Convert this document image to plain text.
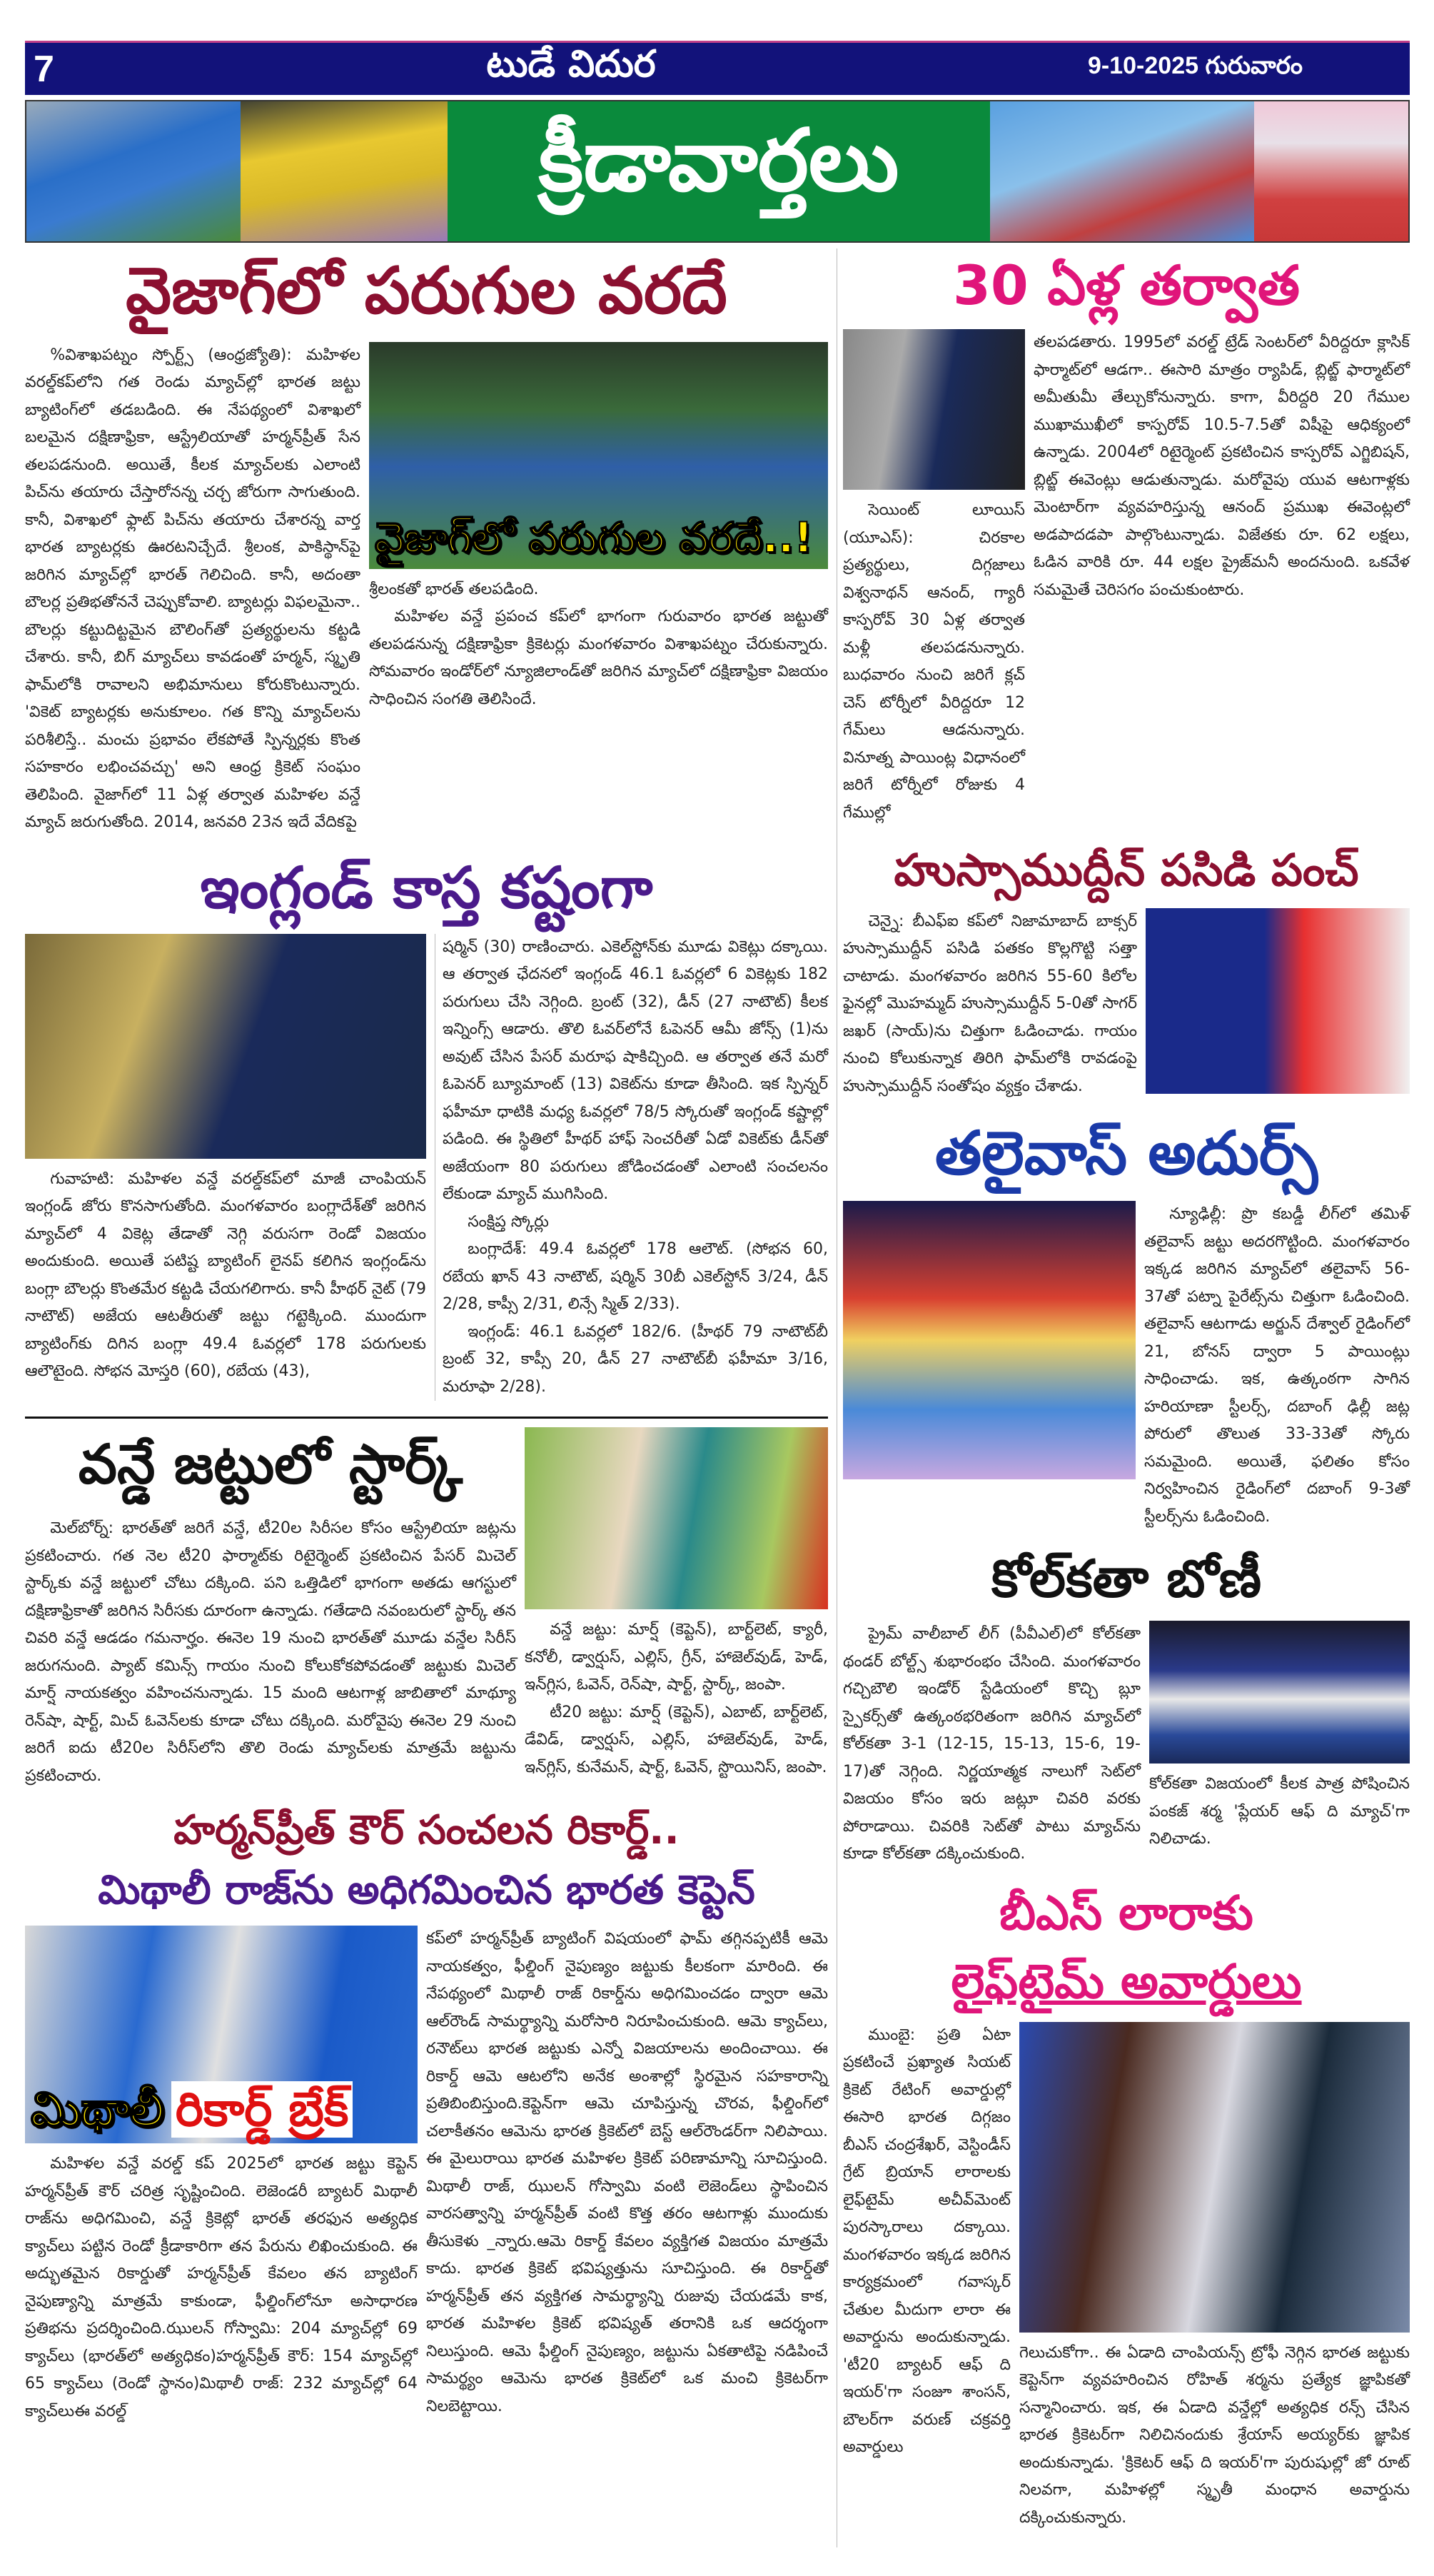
7	టుడే విదుర	9-10-2025 గురువారం
క్రీడావార్తలు
వైజాగ్‌లో పరుగుల వరదే

%విశాఖపట్నం స్పోర్ట్స్ (ఆంధ్రజ్యోతి): మహిళల వరల్డ్‌కప్‌లోని గత రెండు మ్యాచ్‌ల్లో భారత జట్టు బ్యాటింగ్‌లో తడబడింది. ఈ నేపథ్యంలో విశాఖలో బలమైన దక్షిణాఫ్రికా, ఆస్ట్రేలియాతో హర్మన్‌ప్రీత్ సేన తలపడనుంది. అయితే, కీలక మ్యాచ్‌లకు ఎలాంటి పిచ్‌ను తయారు చేస్తారోనన్న చర్చ జోరుగా సాగుతుంది. కానీ, విశాఖలో ఫ్లాట్ పిచ్‌ను తయారు చేశారన్న వార్త భారత బ్యాటర్లకు ఊరటనిచ్చేదే. శ్రీలంక, పాకిస్థాన్‌పై జరిగిన మ్యాచ్‌ల్లో భారత్ గెలిచింది. కానీ, అదంతా బౌలర్ల ప్రతిభతోననే చెప్పుకోవాలి. బ్యాటర్లు విఫలమైనా.. బౌలర్లు కట్టుదిట్టమైన బౌలింగ్‌తో ప్రత్యర్థులను కట్టడి చేశారు. కానీ, బిగ్ మ్యాచ్‌లు కావడంతో హర్మన్, స్మృతి ఫామ్‌లోకి రావాలని అభిమానులు కోరుకొంటున్నారు. 'వికెట్ బ్యాటర్లకు అనుకూలం. గత కొన్ని మ్యాచ్‌లను పరిశీలిస్తే.. మంచు ప్రభావం లేకపోతే స్పిన్నర్లకు కొంత సహకారం లభించవచ్చు' అని ఆంధ్ర క్రికెట్ సంఘం తెలిపింది. వైజాగ్‌లో 11 ఏళ్ల తర్వాత మహిళల వన్డే మ్యాచ్ జరుగుతోంది. 2014, జనవరి 23న ఇదే వేదికపై

వైజాగ్‌లో పరుగుల వరదే..!

శ్రీలంకతో భారత్ తలపడింది.

మహిళల వన్డే ప్రపంచ కప్‌లో భాగంగా గురువారం భారత జట్టుతో తలపడనున్న దక్షిణాఫ్రికా క్రికెటర్లు మంగళవారం విశాఖపట్నం చేరుకున్నారు. సోమవారం ఇండోర్‌లో న్యూజిలాండ్‌తో జరిగిన మ్యాచ్‌లో దక్షిణాఫ్రికా విజయం సాధించిన సంగతి తెలిసిందే.

ఇంగ్లండ్ కాస్త కష్టంగా

గువాహటి: మహిళల వన్డే వరల్డ్‌కప్‌లో మాజీ చాంపియన్ ఇంగ్లండ్ జోరు కొనసాగుతోంది. మంగళవారం బంగ్లాదేశ్‌తో జరిగిన మ్యాచ్‌లో 4 వికెట్ల తేడాతో నెగ్గి వరుసగా రెండో విజయం అందుకుంది. అయితే పటిష్ట బ్యాటింగ్ లైనప్ కలిగిన ఇంగ్లండ్‌ను బంగ్లా బౌలర్లు కొంతమేర కట్టడి చేయగలిగారు. కానీ హీథర్ నైట్ (79 నాటౌట్) అజేయ ఆటతీరుతో జట్టు గట్టెక్కింది. ముందుగా బ్యాటింగ్‌కు దిగిన బంగ్లా 49.4 ఓవర్లలో 178 పరుగులకు ఆలౌటైంది. సోభన మోస్తరి (60), రబేయ (43),

షర్మిన్ (30) రాణించారు. ఎకెల్‌స్టోన్‌కు మూడు వికెట్లు దక్కాయి. ఆ తర్వాత ఛేదనలో ఇంగ్లండ్ 46.1 ఓవర్లలో 6 వికెట్లకు 182 పరుగులు చేసి నెగ్గింది. బ్రంట్ (32), డీన్ (27 నాటౌట్) కీలక ఇన్నింగ్స్ ఆడారు. తొలి ఓవర్‌లోనే ఓపెనర్ ఆమీ జోన్స్ (1)ను అవుట్ చేసిన పేసర్ మరూఫ షాకిచ్చింది. ఆ తర్వాత తనే మరో ఓపెనర్ బ్యూమాంట్ (13) వికెట్‌ను కూడా తీసింది. ఇక స్పిన్నర్ ఫహీమా ధాటికి మధ్య ఓవర్లలో 78/5 స్కోరుతో ఇంగ్లండ్ కష్టాల్లో పడింది. ఈ స్థితిలో హీథర్ హాఫ్ సెంచరీతో ఏడో వికెట్‌కు డీన్‌తో అజేయంగా 80 పరుగులు జోడించడంతో ఎలాంటి సంచలనం లేకుండా మ్యాచ్ ముగిసింది.

సంక్షిప్త స్కోర్లు

బంగ్లాదేశ్: 49.4 ఓవర్లలో 178 ఆలౌట్. (సోభన 60, రబేయ ఖాన్ 43 నాటౌట్, షర్మిన్ 30బీ ఎకెల్‌స్టోన్ 3/24, డీన్ 2/28, కాప్సీ 2/31, లిన్సే స్మిత్ 2/33).

ఇంగ్లండ్: 46.1 ఓవర్లలో 182/6. (హీథర్ 79 నాటౌట్‌బీ బ్రంట్ 32, కాప్సీ 20, డీన్ 27 నాటౌట్‌బీ ఫహీమా 3/16, మరూఫా 2/28).

వన్డే జట్టులో స్టార్క్

మెల్‌బోర్న్: భారత్‌తో జరిగే వన్డే, టీ20ల సిరీసల కోసం ఆస్ట్రేలియా జట్లను ప్రకటించారు. గత నెల టీ20 ఫార్మాట్‌కు రిటైర్మెంట్ ప్రకటించిన పేసర్ మిచెల్ స్టార్క్‌కు వన్డే జట్టులో చోటు దక్కింది. పని ఒత్తిడిలో భాగంగా అతడు ఆగస్టులో దక్షిణాఫ్రికాతో జరిగిన సిరీసకు దూరంగా ఉన్నాడు. గతేడాది నవంబరులో స్టార్క్ తన చివరి వన్డే ఆడడం గమనార్హం. ఈనెల 19 నుంచి భారత్‌తో మూడు వన్డేల సిరీస్ జరుగనుంది. ప్యాట్ కమిన్స్ గాయం నుంచి కోలుకోకపోవడంతో జట్టుకు మిచెల్ మార్ష్ నాయకత్వం వహించనున్నాడు. 15 మంది ఆటగాళ్ల జాబితాలో మాథ్యూ రెన్‌షా, షార్ట్, మిచ్ ఓవెన్‌లకు కూడా చోటు దక్కింది. మరోవైపు ఈనెల 29 నుంచి జరిగే ఐదు టీ20ల సిరీస్‌లోని తొలి రెండు మ్యాచ్‌లకు మాత్రమే జట్టును ప్రకటించారు.

వన్డే జట్టు: మార్ష్ (కెప్టెన్), బార్ట్‌లెట్, క్యారీ, కనోలీ, డ్వార్షుస్, ఎల్లిస్, గ్రీన్, హాజెల్‌వుడ్, హెడ్, ఇన్‌గ్లిస, ఓవెన్, రెన్‌షా, షార్ట్, స్టార్క్, జంపా.

టీ20 జట్టు: మార్ష్ (కెప్టెన్), ఎబాట్, బార్ట్‌లెట్, డేవిడ్, డ్వార్షుస్, ఎల్లిస్, హాజెల్‌వుడ్, హెడ్, ఇన్‌గ్లిస్, కునేమన్, షార్ట్, ఓవెన్, స్టొయినిస్, జంపా.

హర్మన్‌ప్రీత్ కౌర్ సంచలన రికార్డ్..
మిథాలీ రాజ్‌ను అధిగమించిన భారత కెప్టెన్
మిథాలీ రికార్డ్ బ్రేక్

మహిళల వన్డే వరల్డ్ కప్ 2025లో భారత జట్టు కెప్టెన్ హర్మన్‌ప్రీత్ కౌర్ చరిత్ర సృష్టించింది. లెజెండరీ బ్యాటర్ మిథాలీ రాజ్‌ను అధిగమించి, వన్డే క్రికెట్లో భారత్ తరఫున అత్యధిక క్యాచ్‌లు పట్టిన రెండో క్రీడాకారిగా తన పేరును లిఖించుకుంది. ఈ అద్భుతమైన రికార్డుతో హర్మన్‌ప్రీత్ కేవలం తన బ్యాటింగ్ నైపుణ్యాన్ని మాత్రమే కాకుండా, ఫీల్డింగ్‌లోనూ అసాధారణ ప్రతిభను ప్రదర్శించింది.ఝులన్ గోస్వామి: 204 మ్యాచ్‌ల్లో 69 క్యాచ్‌లు (భారత్‌లో అత్యధికం)హర్మన్‌ప్రీత్ కౌర్: 154 మ్యాచ్‌ల్లో 65 క్యాచ్‌లు (రెండో స్థానం)మిథాలీ రాజ్: 232 మ్యాచ్‌ల్లో 64 క్యాచ్‌లుఈ వరల్డ్

కప్‌లో హర్మన్‌ప్రీత్ బ్యాటింగ్ విషయంలో ఫామ్ తగ్గినప్పటికీ ఆమె నాయకత్వం, ఫీల్డింగ్ నైపుణ్యం జట్టుకు కీలకంగా మారింది. ఈ నేపథ్యంలో మిథాలీ రాజ్ రికార్డ్‌ను అధిగమించడం ద్వారా ఆమె ఆల్‌రౌండ్ సామర్థ్యాన్ని మరోసారి నిరూపించుకుంది. ఆమె క్యాచ్‌లు, రనౌట్‌లు భారత జట్టుకు ఎన్నో విజయాలను అందించాయి. ఈ రికార్డ్ ఆమె ఆటలోని అనేక అంశాల్లో స్థిరమైన సహకారాన్ని ప్రతిబింబిస్తుంది.కెప్టెన్‌గా ఆమె చూపిస్తున్న చొరవ, ఫీల్డింగ్‌లో చలాకీతనం ఆమెను భారత క్రికెట్‌లో బెస్ట్ ఆల్‌రౌండర్‌గా నిలిపాయి. ఈ మైలురాయి భారత మహిళల క్రికెట్ పరిణామాన్ని సూచిస్తుంది. మిథాలీ రాజ్, ఝులన్ గోస్వామి వంటి లెజెండ్‌లు స్థాపించిన వారసత్వాన్ని హర్మన్‌ప్రీత్ వంటి కొత్త తరం ఆటగాళ్లు ముందుకు తీసుకెళు _న్నారు.ఆమె రికార్డ్ కేవలం వ్యక్తిగత విజయం మాత్రమే కాదు. భారత క్రికెట్ భవిష్యత్తును సూచిస్తుంది. ఈ రికార్డ్‌తో హర్మన్‌ప్రీత్ తన వ్యక్తిగత సామర్థ్యాన్ని రుజువు చేయడమే కాక, భారత మహిళల క్రికెట్ భవిష్యత్ తరానికి ఒక ఆదర్శంగా నిలుస్తుంది. ఆమె ఫీల్డింగ్ నైపుణ్యం, జట్టును ఏకతాటిపై నడిపించే సామర్థ్యం ఆమెను భారత క్రికెట్‌లో ఒక మంచి క్రికెటర్‌గా నిలబెట్టాయి.

30 ఏళ్ల తర్వాత

సెయింట్ లూయిస్ (యూఎస్): చిరకాల ప్రత్యర్థులు, దిగ్గజాలు విశ్వనాథన్ ఆనంద్, గ్యారీ కాస్పరోవ్ 30 ఏళ్ల తర్వాత మళ్లీ తలపడనున్నారు. బుధవారం నుంచి జరిగే క్లచ్ చెస్ టోర్నీలో వీరిద్దరూ 12 గేమ్‌లు ఆడనున్నారు. వినూత్న పాయింట్ల విధానంలో జరిగే టోర్నీలో రోజుకు 4 గేముల్లో

తలపడతారు. 1995లో వరల్డ్ ట్రేడ్ సెంటర్‌లో వీరిద్దరూ క్లాసిక్ ఫార్మాట్‌లో ఆడగా.. ఈసారి మాత్రం ర్యాపిడ్, బ్లిట్జ్ ఫార్మాట్‌లో అమీతుమీ తేల్చుకోనున్నారు. కాగా, వీరిద్దరి 20 గేముల ముఖాముఖీలో కాస్పరోవ్ 10.5-7.5తో విషీపై ఆధిక్యంలో ఉన్నాడు. 2004లో రిటైర్మెంట్ ప్రకటించిన కాస్పరోవ్ ఎగ్జిబిషన్, బ్లిట్జ్ ఈవెంట్లు ఆడుతున్నాడు. మరోవైపు యువ ఆటగాళ్లకు మెంటార్‌గా వ్యవహరిస్తున్న ఆనంద్ ప్రముఖ ఈవెంట్లలో అడపాదడపా పాల్గొంటున్నాడు. విజేతకు రూ. 62 లక్షలు, ఓడిన వారికి రూ. 44 లక్షల ప్రైజ్‌మనీ అందనుంది. ఒకవేళ సమమైతే చెరిసగం పంచుకుంటారు.

హుస్సాముద్దీన్ పసిడి పంచ్

చెన్నై: బీఎఫ్ఐ కప్‌లో నిజామాబాద్ బాక్సర్ హుస్సాముద్దీన్ పసిడి పతకం కొల్లగొట్టి సత్తా చాటాడు. మంగళవారం జరిగిన 55-60 కిలోల ఫైనల్లో మొహమ్మద్ హుస్సాముద్దీన్ 5-0తో సాగర్ జఖర్ (సాయ్)ను చిత్తుగా ఓడించాడు. గాయం నుంచి కోలుకున్నాక తిరిగి ఫామ్‌లోకి రావడంపై హుస్సాముద్దీన్ సంతోషం వ్యక్తం చేశాడు.

తలైవాస్ అదుర్స్

న్యూఢిల్లీ: ప్రొ కబడ్డీ లీగ్‌లో తమిళ్ తలైవాస్ జట్టు అదరగొట్టింది. మంగళవారం ఇక్కడ జరిగిన మ్యాచ్‌లో తలైవాస్ 56-37తో పట్నా పైరేట్స్‌ను చిత్తుగా ఓడించింది. తలైవాస్ ఆటగాడు అర్జున్ దేశ్వాల్ రైడింగ్‌లో 21, బోనస్ ద్వారా 5 పాయింట్లు సాధించాడు. ఇక, ఉత్కంఠగా సాగిన హరియాణా స్టీలర్స్, దబాంగ్ ఢిల్లీ జట్ల పోరులో తొలుత 33-33తో స్కోరు సమమైంది. అయితే, ఫలితం కోసం నిర్వహించిన రైడింగ్‌లో దబాంగ్ 9-3తో స్టీలర్స్‌ను ఓడించింది.

కోల్‌కతా బోణీ

ప్రైమ్ వాలీబాల్ లీగ్ (పీవీఎల్)లో కోల్‌కతా థండర్ బోల్ట్స్ శుభారంభం చేసింది. మంగళవారం గచ్చిబౌలి ఇండోర్ స్టేడియంలో కొచ్చి బ్లూ స్పైకర్స్‌తో ఉత్కంఠభరితంగా జరిగిన మ్యాచ్‌లో కోల్‌కతా 3-1 (12-15, 15-13, 15-6, 19-17)తో నెగ్గింది. నిర్ణయాత్మక నాలుగో సెట్‌లో విజయం కోసం ఇరు జట్లూ చివరి వరకు పోరాడాయి. చివరికి సెట్‌తో పాటు మ్యాచ్‌ను కూడా కోల్‌కతా దక్కించుకుంది.

కోల్‌కతా విజయంలో కీలక పాత్ర పోషించిన పంకజ్ శర్మ 'ప్లేయర్ ఆఫ్ ది మ్యాచ్'గా నిలిచాడు.

బీఎస్ లారాకు
లైఫ్‌టైమ్ అవార్డులు

ముంబై: ప్రతి ఏటా ప్రకటించే ప్రఖ్యాత సియట్ క్రికెట్ రేటింగ్ అవార్డుల్లో ఈసారి భారత దిగ్గజం బీఎస్ చంద్రశేఖర్, వెస్టిండీస్ గ్రేట్ బ్రియాన్ లారాలకు లైఫ్‌టైమ్ అచీవ్‌మెంట్ పురస్కారాలు దక్కాయి. మంగళవారం ఇక్కడ జరిగిన కార్యక్రమంలో గవాస్కర్ చేతుల మీదుగా లారా ఈ అవార్డును అందుకున్నాడు. 'టీ20 బ్యాటర్ ఆఫ్ ది ఇయర్'గా సంజూ శాంసన్, బౌలర్‌గా వరుణ్ చక్రవర్తి అవార్డులు

గెలుచుకోగా.. ఈ ఏడాది చాంపియన్స్ ట్రోఫీ నెగ్గిన భారత జట్టుకు కెప్టెన్‌గా వ్యవహరించిన రోహిత్ శర్మను ప్రత్యేక జ్ఞాపికతో సన్మానించారు. ఇక, ఈ ఏడాది వన్డేల్లో అత్యధిక రన్స్ చేసిన భారత క్రికెటర్‌గా నిలిచినందుకు శ్రేయాస్ అయ్యర్‌కు జ్ఞాపిక అందుకున్నాడు. 'క్రికెటర్ ఆఫ్ ది ఇయర్'గా పురుషుల్లో జో రూట్ నిలవగా, మహిళల్లో స్మృతీ మంధాన అవార్డును దక్కించుకున్నారు.
